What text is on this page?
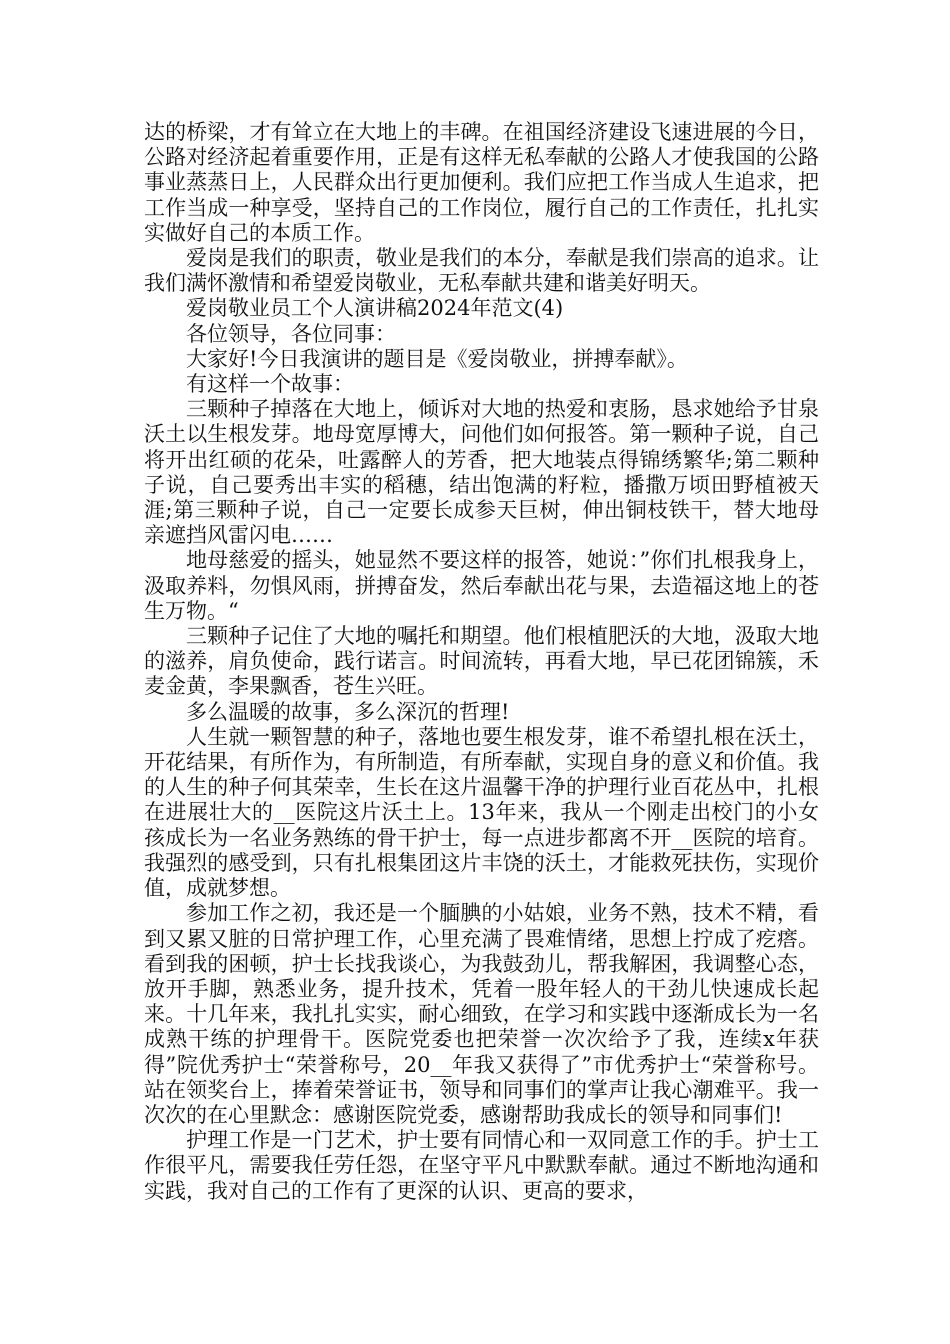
达的桥梁，才有耸立在大地上的丰碑。在祖国经济建设飞速进展的今日，公路对经济起着重要作用，正是有这样无私奉献的公路人才使我国的公路事业蒸蒸日上，人民群众出行更加便利。我们应把工作当成人生追求，把工作当成一种享受，坚持自己的工作岗位，履行自己的工作责任，扎扎实实做好自己的本质工作。

爱岗是我们的职责，敬业是我们的本分，奉献是我们崇高的追求。让我们满怀激情和希望爱岗敬业，无私奉献共建和谐美好明天。

爱岗敬业员工个人演讲稿2024年范文(4)

各位领导，各位同事：

大家好!今日我演讲的题目是《爱岗敬业，拼搏奉献》。

有这样一个故事：

三颗种子掉落在大地上，倾诉对大地的热爱和衷肠，恳求她给予甘泉沃土以生根发芽。地母宽厚博大，问他们如何报答。第一颗种子说，自己将开出红硕的花朵，吐露醉人的芳香，把大地装点得锦绣繁华;第二颗种子说，自己要秀出丰实的稻穗，结出饱满的籽粒，播撒万顷田野植被天涯;第三颗种子说，自己一定要长成参天巨树，伸出铜枝铁干，替大地母亲遮挡风雷闪电……

地母慈爱的摇头，她显然不要这样的报答，她说：”你们扎根我身上，汲取养料，勿惧风雨，拼搏奋发，然后奉献出花与果，去造福这地上的苍生万物。“

三颗种子记住了大地的嘱托和期望。他们根植肥沃的大地，汲取大地的滋养，肩负使命，践行诺言。时间流转，再看大地，早已花团锦簇，禾麦金黄，李果飘香，苍生兴旺。

多么温暖的故事，多么深沉的哲理!

人生就一颗智慧的种子，落地也要生根发芽，谁不希望扎根在沃土，开花结果，有所作为，有所制造，有所奉献，实现自身的意义和价值。我的人生的种子何其荣幸，生长在这片温馨干净的护理行业百花丛中，扎根在进展壮大的__医院这片沃土上。13年来，我从一个刚走出校门的小女孩成长为一名业务熟练的骨干护士，每一点进步都离不开__医院的培育。我强烈的感受到，只有扎根集团这片丰饶的沃土，才能救死扶伤，实现价值，成就梦想。

参加工作之初，我还是一个腼腆的小姑娘，业务不熟，技术不精，看到又累又脏的日常护理工作，心里充满了畏难情绪，思想上拧成了疙瘩。看到我的困顿，护士长找我谈心，为我鼓劲儿，帮我解困，我调整心态，放开手脚，熟悉业务，提升技术，凭着一股年轻人的干劲儿快速成长起来。十几年来，我扎扎实实，耐心细致，在学习和实践中逐渐成长为一名成熟干练的护理骨干。医院党委也把荣誉一次次给予了我，连续x年获得”院优秀护士“荣誉称号，20__年我又获得了”市优秀护士“荣誉称号。站在领奖台上，捧着荣誉证书，领导和同事们的掌声让我心潮难平。我一次次的在心里默念：感谢医院党委，感谢帮助我成长的领导和同事们!

护理工作是一门艺术，护士要有同情心和一双同意工作的手。护士工作很平凡，需要我任劳任怨，在坚守平凡中默默奉献。通过不断地沟通和实践，我对自己的工作有了更深的认识、更高的要求，
